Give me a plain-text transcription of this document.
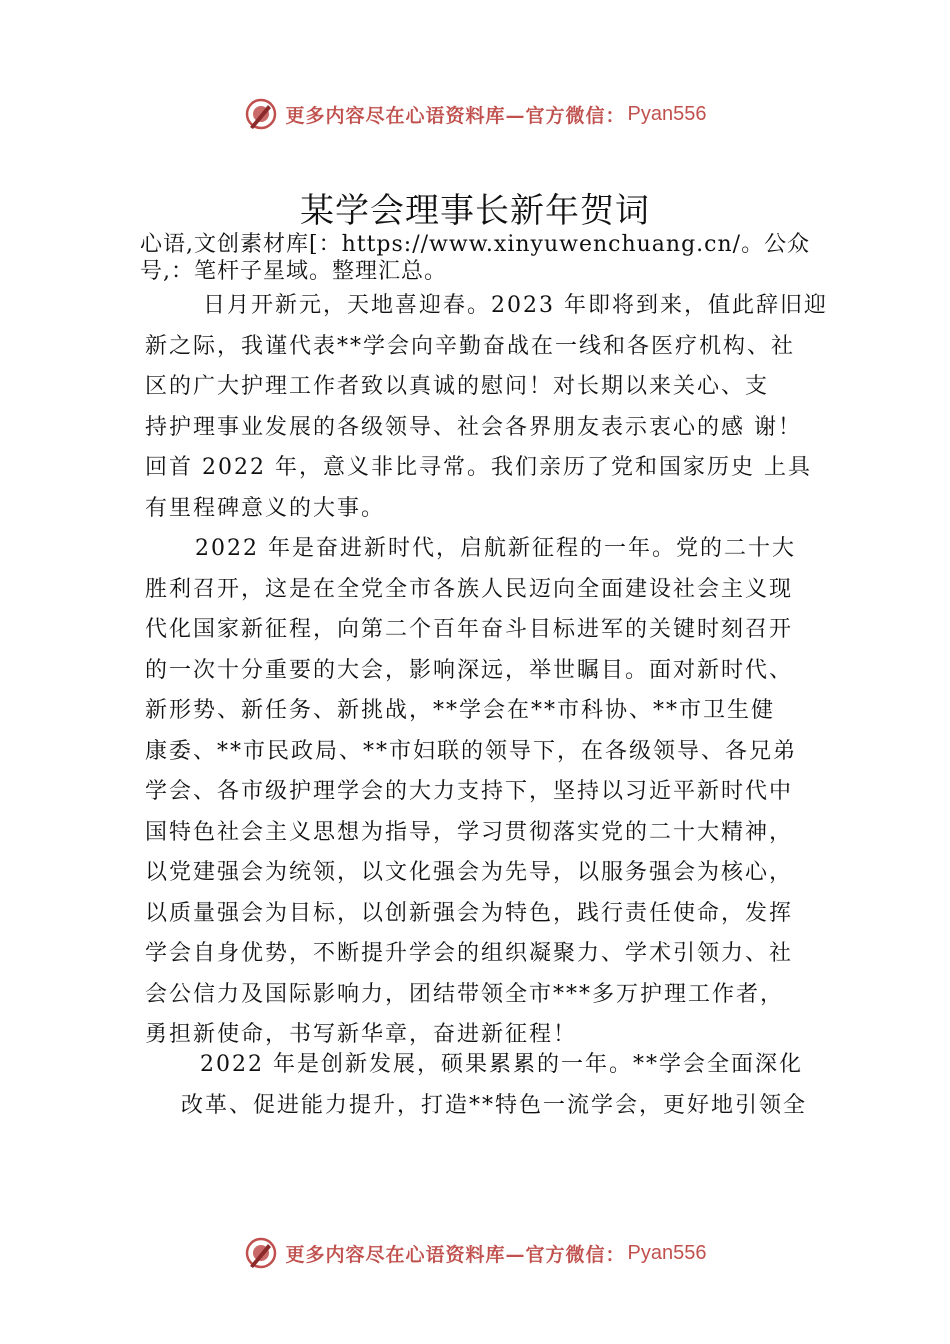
更多内容尽在心语资料库—官方微信： Pyan556
某学会理事长新年贺词

心语,文创素材库[：https://www.xinyuwenchuang.cn/。公众
号,：笔杆子星域。整理汇总。

日月开新元，天地喜迎春。2023 年即将到来，值此辞旧迎
新之际，我谨代表**学会向辛勤奋战在一线和各医疗机构、社
区的广大护理工作者致以真诚的慰问！对长期以来关心、支
持护理事业发展的各级领导、社会各界朋友表示衷心的感 谢！
回首 2022 年，意义非比寻常。我们亲历了党和国家历史 上具
有里程碑意义的大事。

2022 年是奋进新时代，启航新征程的一年。党的二十大
胜利召开，这是在全党全市各族人民迈向全面建设社会主义现
代化国家新征程，向第二个百年奋斗目标进军的关键时刻召开
的一次十分重要的大会，影响深远，举世瞩目。面对新时代、
新形势、新任务、新挑战，**学会在**市科协、**市卫生健
康委、**市民政局、**市妇联的领导下，在各级领导、各兄弟
学会、各市级护理学会的大力支持下，坚持以习近平新时代中
国特色社会主义思想为指导，学习贯彻落实党的二十大精神，
以党建强会为统领，以文化强会为先导，以服务强会为核心，
以质量强会为目标，以创新强会为特色，践行责任使命，发挥
学会自身优势，不断提升学会的组织凝聚力、学术引领力、社
会公信力及国际影响力，团结带领全市***多万护理工作者，
勇担新使命，书写新华章，奋进新征程！

2022 年是创新发展，硕果累累的一年。**学会全面深化
改革、促进能力提升，打造**特色一流学会，更好地引领全

更多内容尽在心语资料库—官方微信： Pyan556
